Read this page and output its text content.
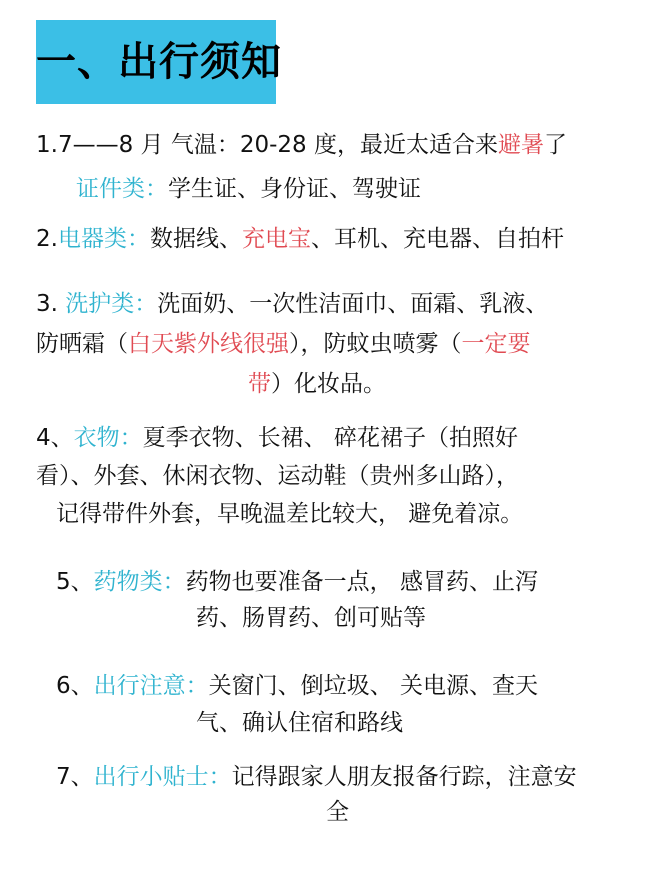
一、出行须知
1.7——8 月 气温：20-28 度，最近太适合来避暑了
证件类：学生证、身份证、驾驶证
2.电器类：数据线、充电宝、耳机、充电器、自拍杆
3. 洗护类：洗面奶、一次性洁面巾、面霜、乳液、
防晒霜（白天紫外线很强），防蚊虫喷雾（一定要
带）化妆品。
4、衣物：夏季衣物、长裙、 碎花裙子（拍照好
看）、外套、休闲衣物、运动鞋（贵州多山路），
记得带件外套，早晚温差比较大， 避免着凉。
5、药物类：药物也要准备一点， 感冒药、止泻
药、肠胃药、创可贴等
6、出行注意：关窗门、倒垃圾、 关电源、查天
气、确认住宿和路线
7、出行小贴士：记得跟家人朋友报备行踪，注意安
全
